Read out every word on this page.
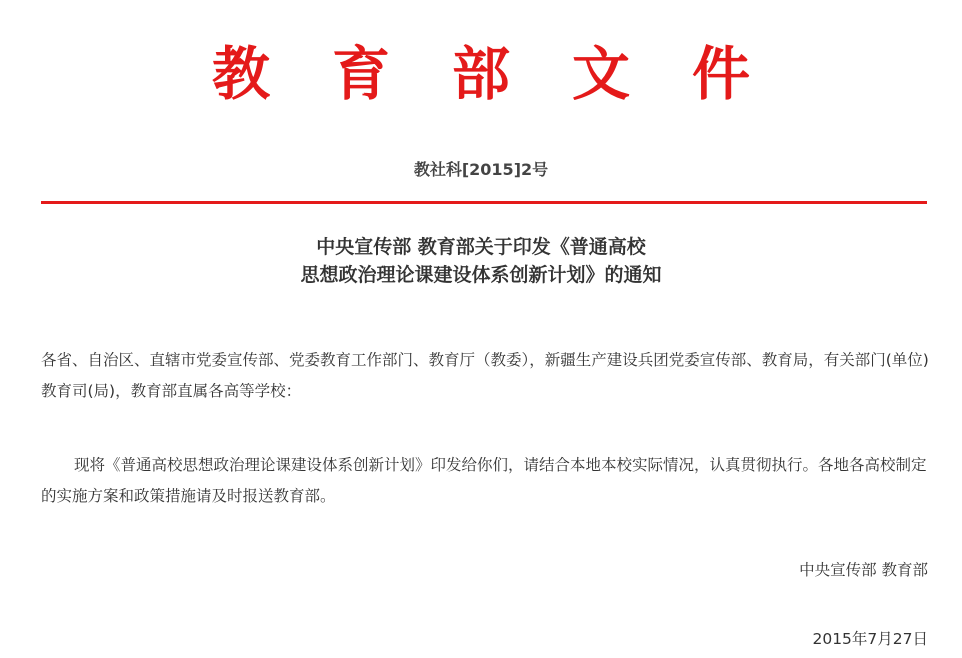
教育部文件
教社科[2015]2号
中央宣传部 教育部关于印发《普通高校
思想政治理论课建设体系创新计划》的通知
各省、自治区、直辖市党委宣传部、党委教育工作部门、教育厅（教委），新疆生产建设兵团党委宣传部、教育局，有关部门(单位)教育司(局)，教育部直属各高等学校：
现将《普通高校思想政治理论课建设体系创新计划》印发给你们，请结合本地本校实际情况，认真贯彻执行。各地各高校制定的实施方案和政策措施请及时报送教育部。
中央宣传部 教育部
2015年7月27日
